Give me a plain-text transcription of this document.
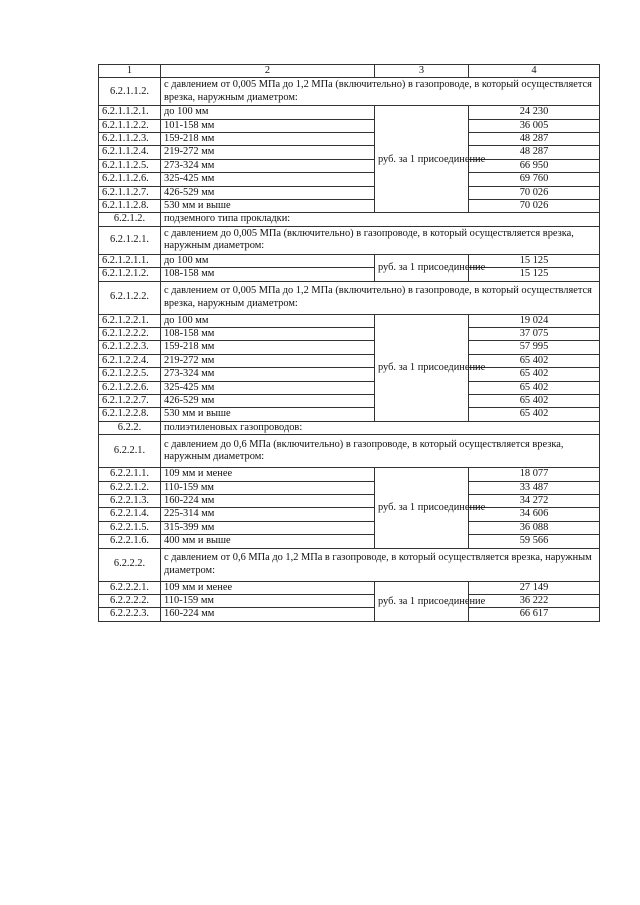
1	2	3	4
6.2.1.1.2.	с давлением от 0,005 МПа до 1,2 МПа (включительно) в газопроводе, в который осуществляется врезка, наружным диаметром:		
6.2.1.1.2.1.	до 100 мм	руб. за 1 присоединение	24 230
6.2.1.1.2.2.	101-158 мм		36 005
6.2.1.1.2.3.	159-218 мм		48 287
6.2.1.1.2.4.	219-272 мм		48 287
6.2.1.1.2.5.	273-324 мм		66 950
6.2.1.1.2.6.	325-425 мм		69 760
6.2.1.1.2.7.	426-529 мм		70 026
6.2.1.1.2.8.	530 мм и выше		70 026
6.2.1.2.	подземного типа прокладки:		
6.2.1.2.1.	с давлением до 0,005 МПа (включительно) в газопроводе, в который осуществляется врезка, наружным диаметром:		
6.2.1.2.1.1.	до 100 мм	руб. за 1 присоединение	15 125
6.2.1.2.1.2.	108-158 мм		15 125
6.2.1.2.2.	с давлением от 0,005 МПа до 1,2 МПа (включительно) в газопроводе, в который осуществляется врезка, наружным диаметром:		
6.2.1.2.2.1.	до 100 мм	руб. за 1 присоединение	19 024
6.2.1.2.2.2.	108-158 мм		37 075
6.2.1.2.2.3.	159-218 мм		57 995
6.2.1.2.2.4.	219-272 мм		65 402
6.2.1.2.2.5.	273-324 мм		65 402
6.2.1.2.2.6.	325-425 мм		65 402
6.2.1.2.2.7.	426-529 мм		65 402
6.2.1.2.2.8.	530 мм и выше		65 402
6.2.2.	полиэтиленовых газопроводов:		
6.2.2.1.	с давлением до 0,6 МПа (включительно) в газопроводе, в который осуществляется врезка, наружным диаметром:		
6.2.2.1.1.	109 мм и менее	руб. за 1 присоединение	18 077
6.2.2.1.2.	110-159 мм		33 487
6.2.2.1.3.	160-224 мм		34 272
6.2.2.1.4.	225-314 мм		34 606
6.2.2.1.5.	315-399 мм		36 088
6.2.2.1.6.	400 мм и выше		59 566
6.2.2.2.	с давлением от 0,6 МПа до 1,2 МПа в газопроводе, в который осуществляется врезка, наружным диаметром:		
6.2.2.2.1.	109 мм и менее	руб. за 1 присоединение	27 149
6.2.2.2.2.	110-159 мм		36 222
6.2.2.2.3.	160-224 мм		66 617
